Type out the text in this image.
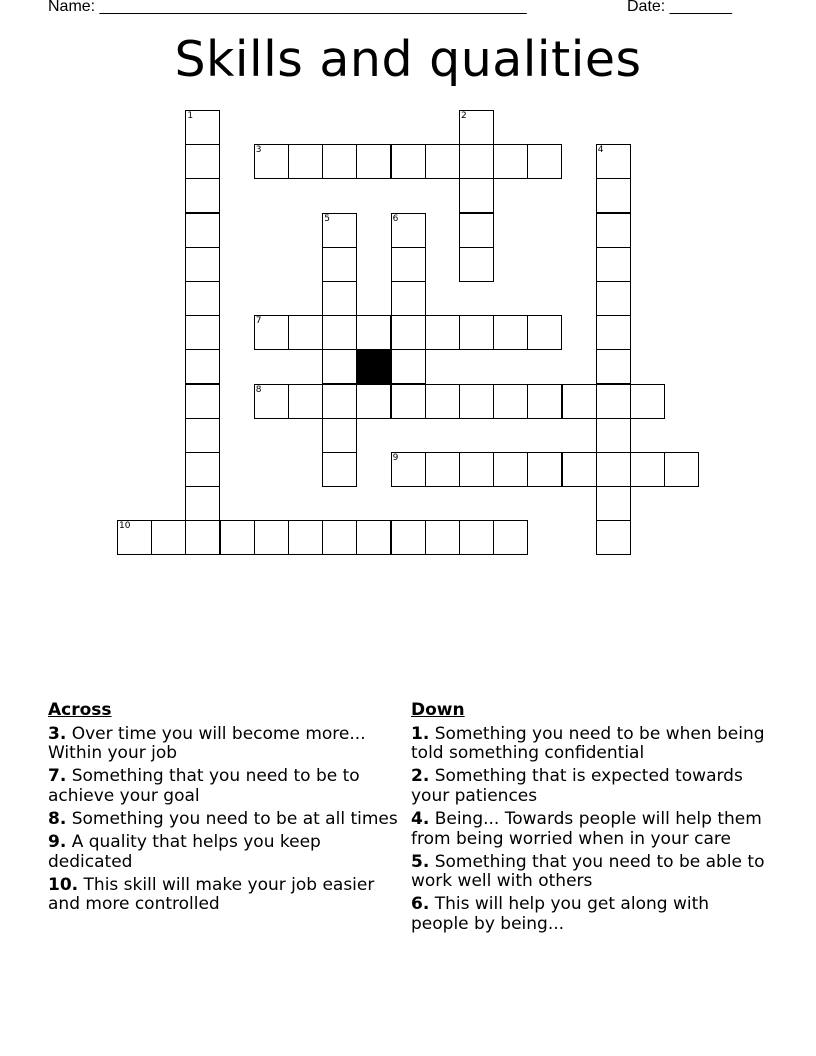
Name: ________________________________________________	Date: _______
Skills and qualities
1	2
3	4
5	6
7
8
9
10
Across
3. Over time you will become more... Within your job
7. Something that you need to be to achieve your goal
8. Something you need to be at all times
9. A quality that helps you keep dedicated
10. This skill will make your job easier and more controlled
Down
1. Something you need to be when being told something confidential
2. Something that is expected towards your patiences
4. Being... Towards people will help them from being worried when in your care
5. Something that you need to be able to work well with others
6. This will help you get along with people by being...
